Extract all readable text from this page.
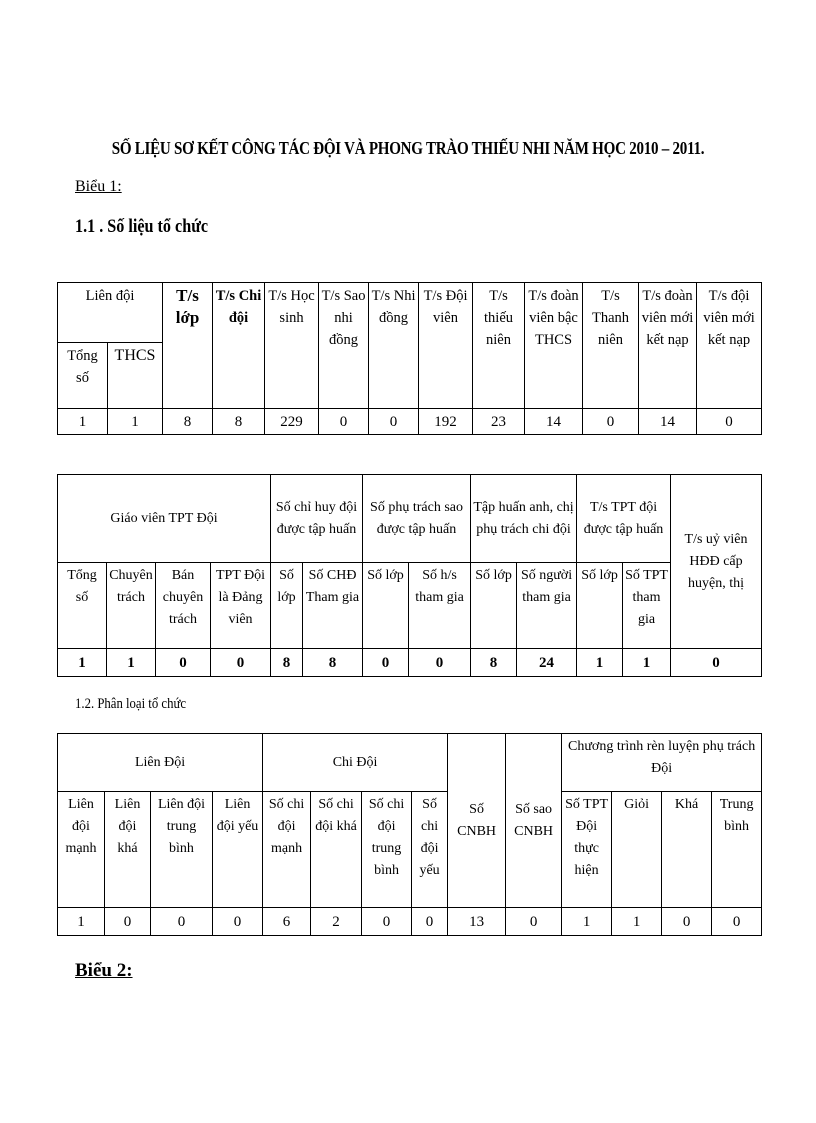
SỐ LIỆU SƠ KẾT CÔNG TÁC ĐỘI VÀ PHONG TRÀO THIẾU NHI NĂM HỌC 2010 – 2011.
Biểu 1:
1.1 . Số liệu tổ chức
Liên đội		T/s lớp	T/s Chi đội	T/s Học sinh	T/s Sao nhi đồng	T/s Nhi đồng	T/s Đội viên	T/s thiếu niên	T/s đoàn viên bậc THCS	T/s Thanh niên	T/s đoàn viên mới kết nạp	T/s đội viên mới kết nạp
Tổng số	THCS											
1	1	8	8	229	0	0	192	23	14	0	14	0
Giáo viên TPT Đội				Số chỉ huy đội được tập huấn		Số phụ trách sao được tập huấn		Tập huấn anh, chị phụ trách chi đội		T/s TPT đội được tập huấn		T/s uỷ viên HĐĐ cấp huyện, thị
Tổng số	Chuyên trách	Bán chuyên trách	TPT Đội là Đảng viên	Số lớp	Số CHĐ Tham gia	Số lớp	Số h/s tham gia	Số lớp	Số người tham gia	Số lớp	Số TPT tham gia	
1	1	0	0	8	8	0	0	8	24	1	1	0
1.2. Phân loại tổ chức
Liên Đội				Chi Đội				Số CNBH	Số sao CNBH	Chương trình rèn luyện phụ trách Đội			
Liên đội mạnh	Liên đội khá	Liên đội trung bình	Liên đội yếu	Số chi đội mạnh	Số chi đội khá	Số chi đội trung bình	Số chi đội yếu			Số TPT Đội thực hiện	Giỏi	Khá	Trung bình
1	0	0	0	6	2	0	0	13	0	1	1	0	0
Biểu 2:
